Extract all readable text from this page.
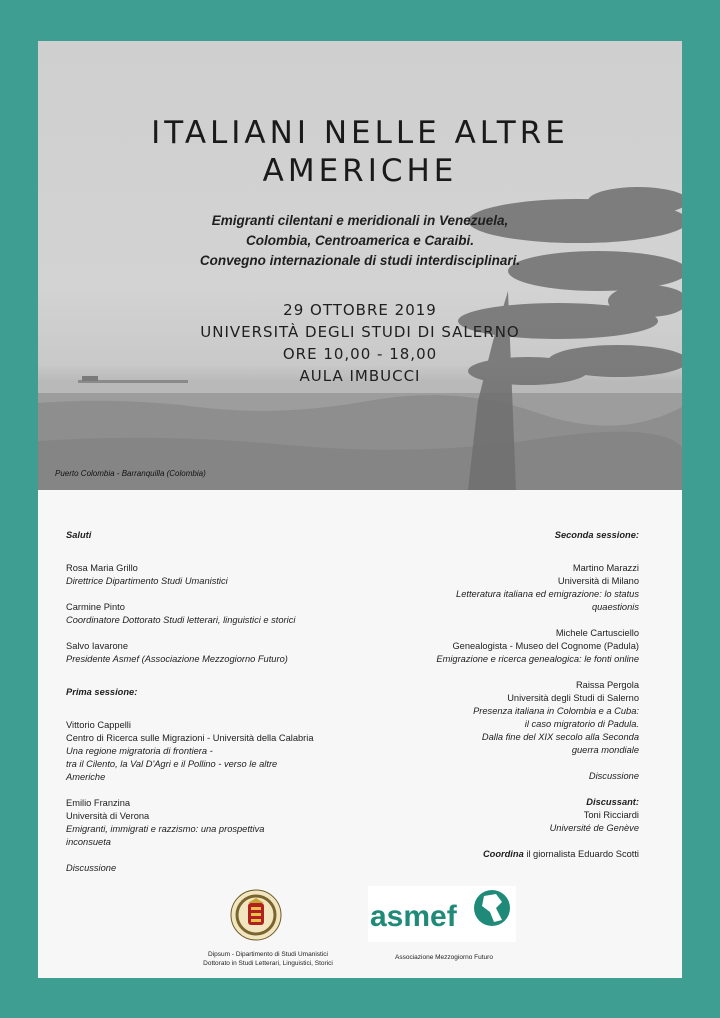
ITALIANI NELLE ALTRE
AMERICHE
Emigranti cilentani e meridionali in Venezuela,
Colombia, Centroamerica e Caraibi.
Convegno internazionale di studi interdisciplinari.
29 OTTOBRE 2019
UNIVERSITÀ DEGLI STUDI DI SALERNO
ORE 10,00 - 18,00
AULA IMBUCCI
Puerto Colombia - Barranquilla (Colombia)
Saluti
Rosa Maria Grillo
Direttrice Dipartimento Studi Umanistici
Carmine Pinto
Coordinatore Dottorato Studi letterari, linguistici e storici
Salvo Iavarone
Presidente Asmef (Associazione Mezzogiorno Futuro)
Prima sessione:
Vittorio Cappelli
Centro di Ricerca sulle Migrazioni - Università della Calabria
Una regione migratoria di frontiera -
tra il Cilento, la Val D'Agri e il Pollino - verso le altre
Americhe
Emilio Franzina
Università di Verona
Emigranti, immigrati e razzismo: una prospettiva
inconsueta
Discussione
Seconda sessione:
Martino Marazzi
Università di Milano
Letteratura italiana ed emigrazione: lo status
quaestionis
Michele Cartusciello
Genealogista - Museo del Cognome (Padula)
Emigrazione e ricerca genealogica: le fonti online
Raissa Pergola
Università degli Studi di Salerno
Presenza italiana in Colombia e a Cuba:
il caso migratorio di Padula.
Dalla fine del XIX secolo alla Seconda
guerra mondiale
Discussione
Discussant:
Toni Ricciardi
Université de Genève
Coordina il giornalista Eduardo Scotti
Dipsum - Dipartimento di Studi Umanistici
Dottorato in Studi Letterari, Linguistici, Storici
asmef
Associazione Mezzogiorno Futuro
